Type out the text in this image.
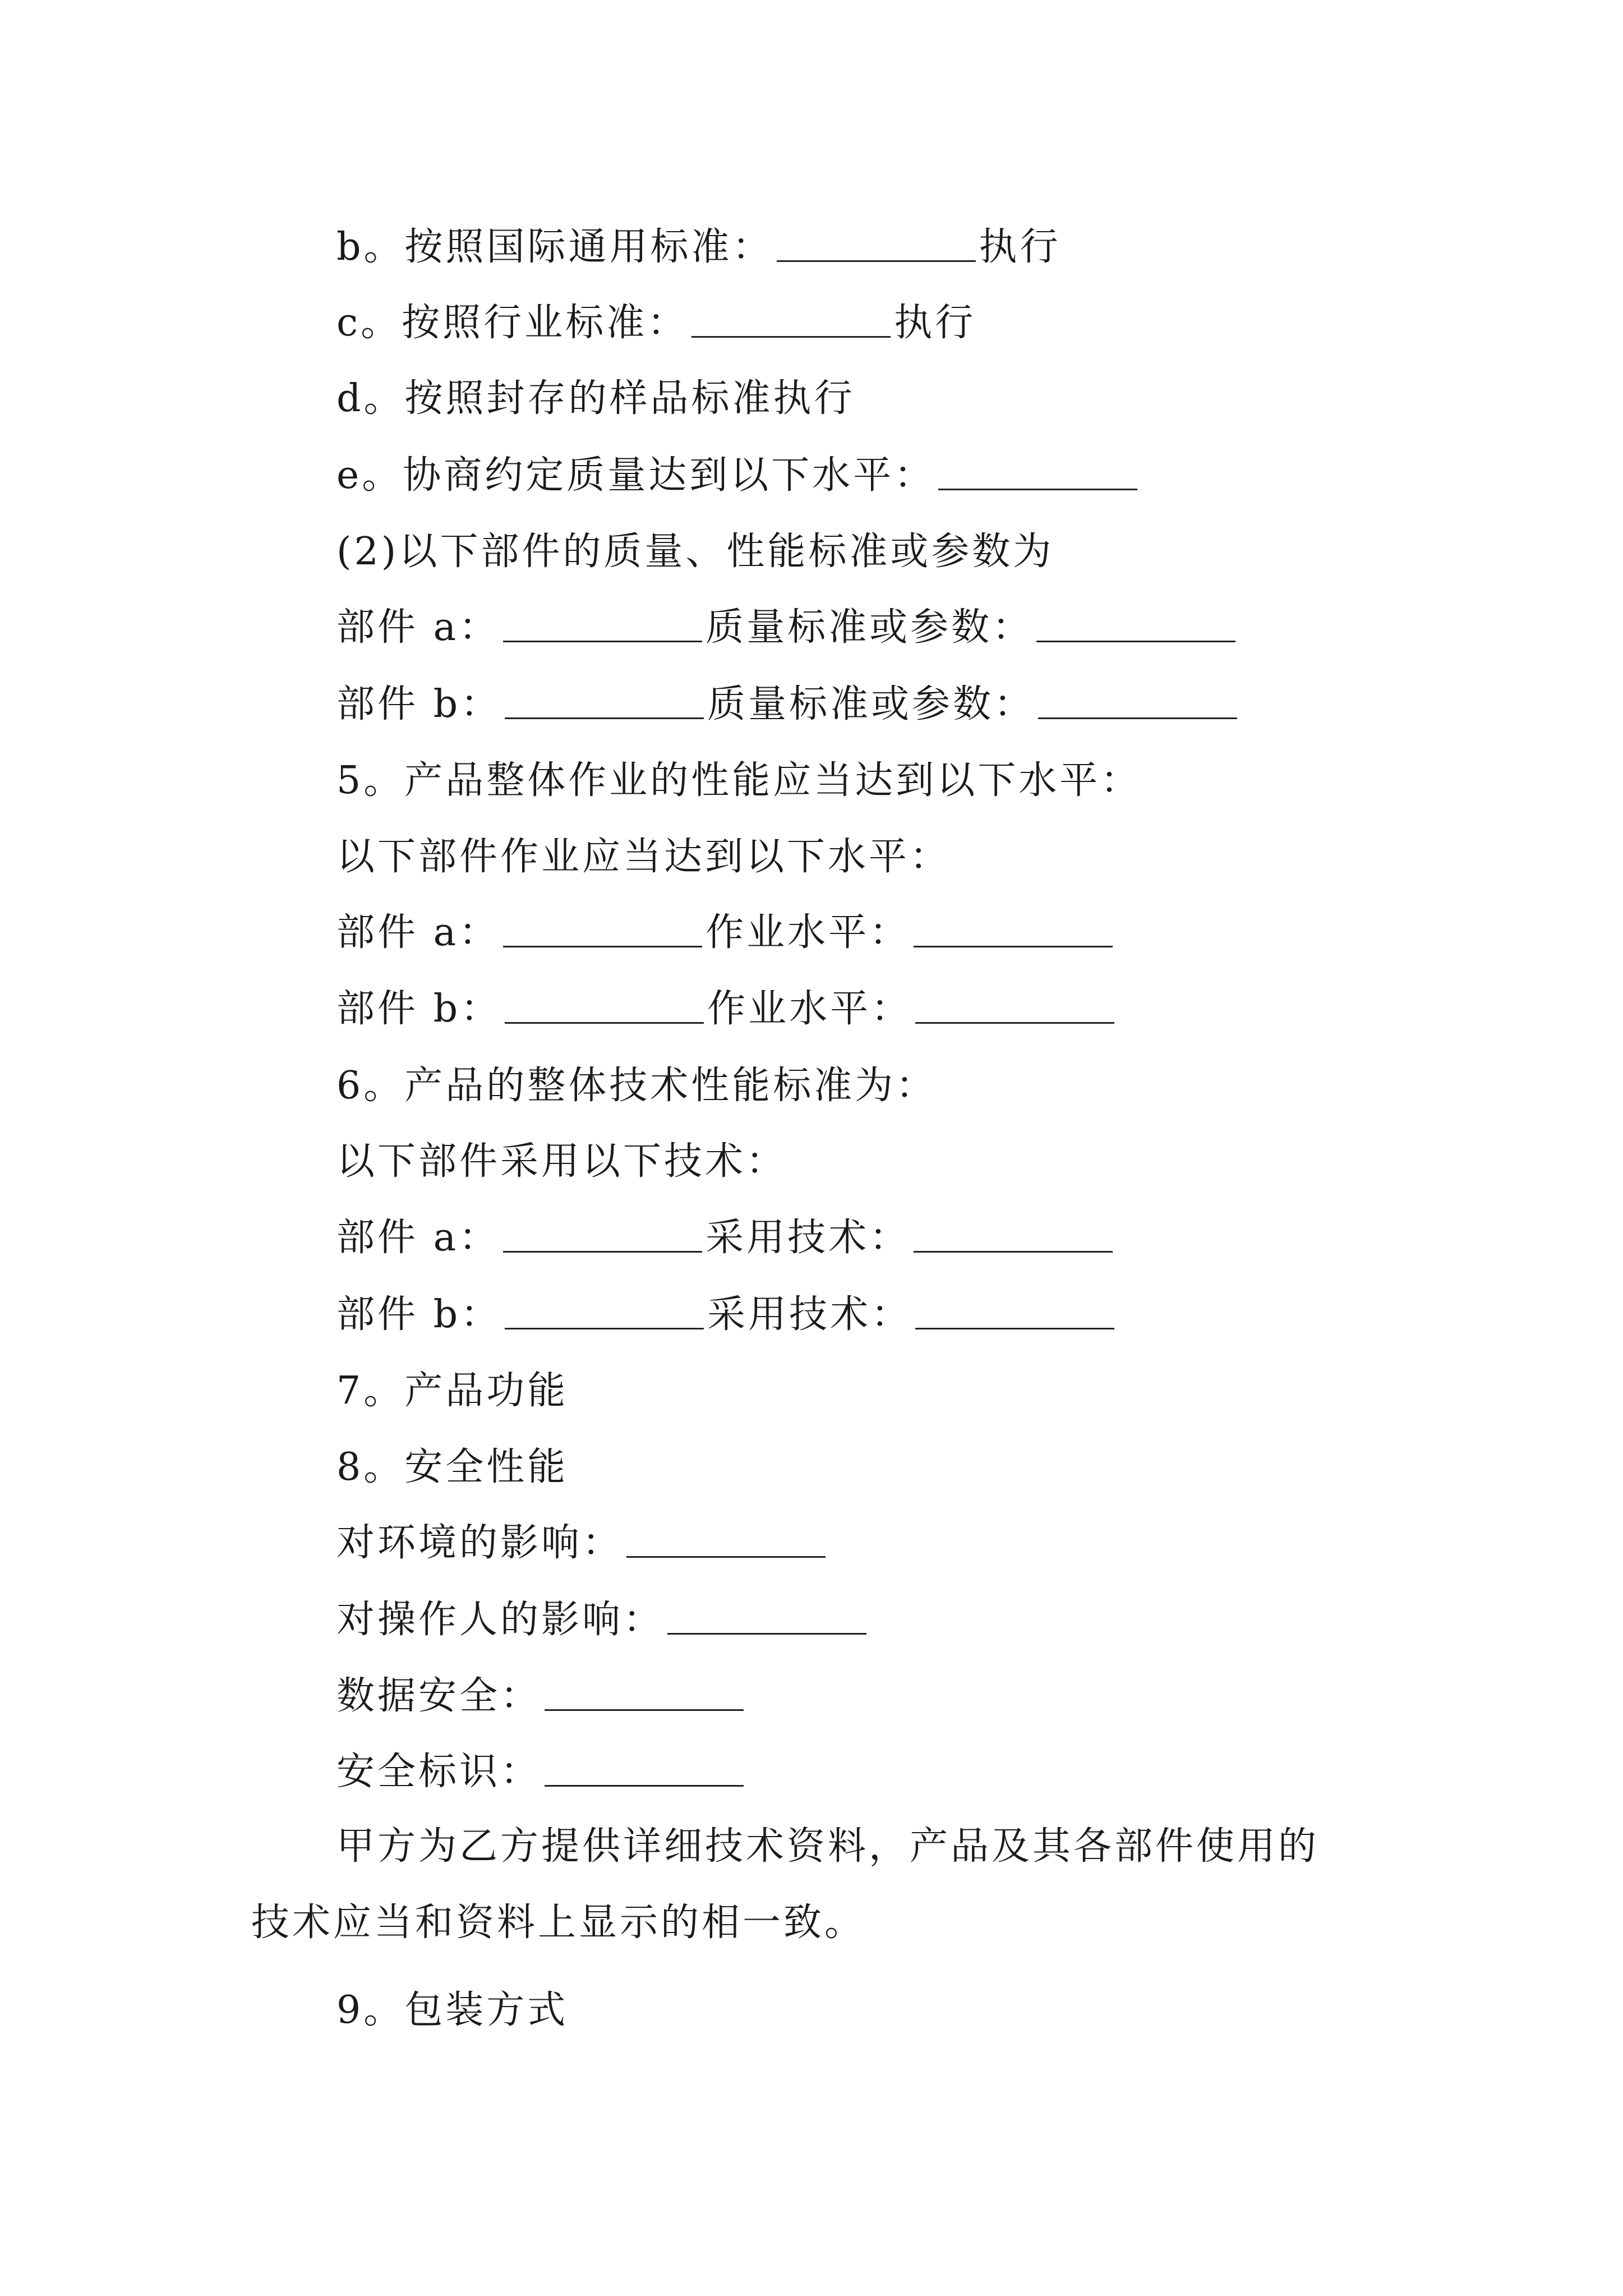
b。按照国际通用标准：	执行
c。按照行业标准：	执行
d。按照封存的样品标准执行
e。协商约定质量达到以下水平：
(2)以下部件的质量、性能标准或参数为
部件 a：	质量标准或参数：
部件 b：	质量标准或参数：
5。产品整体作业的性能应当达到以下水平：
以下部件作业应当达到以下水平：
部件 a：	作业水平：
部件 b：	作业水平：
6。产品的整体技术性能标准为：
以下部件采用以下技术：
部件 a：	采用技术：
部件 b：	采用技术：
7。产品功能
8。安全性能
对环境的影响：
对操作人的影响：
数据安全：
安全标识：
甲方为乙方提供详细技术资料，产品及其各部件使用的
技术应当和资料上显示的相一致。
9。包装方式
